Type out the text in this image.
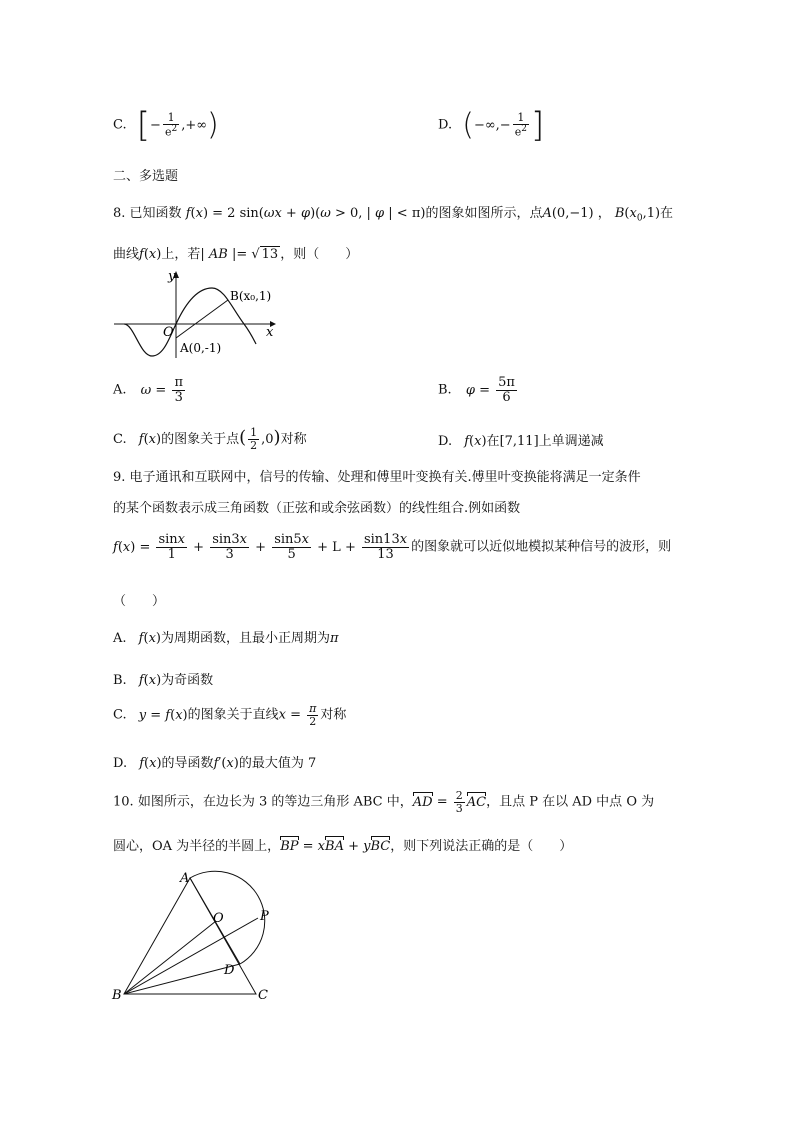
C. [− $\frac{1}{e^2}$ ,+∞)	D. (−∞,− $\frac{1}{e^2}$ ]
二、多选题
8. 已知函数 f(x) = 2 sin(ωx + φ)(ω > 0, | φ | < π)的图象如图所示，点A(0,−1) ， $B(x_0,1)$在
曲线f(x)上，若| AB |= √ 13 ，则（　　）
y
x
O
A(0,-1)
B(x₀,1)
A. $\omega = \frac{\pi}{3}$	B. $\varphi = \frac{5\pi}{6}$
C. f(x)的图象关于点( $\frac{1}{2} ,0$)对称	D. f(x)在[7,11]上单调递减
9. 电子通讯和互联网中，信号的传输、处理和傅里叶变换有关.傅里叶变换能将满足一定条件
的某个函数表示成三角函数（正弦和或余弦函数）的线性组合.例如函数
$f(x) = \frac{\sin x}{1} + \frac{\sin 3x}{3} + \frac{\sin 5x}{5} + L + \frac{\sin 13x}{13}$ 的图象就可以近似地模拟某种信号的波形，则
（　　）
A. f(x)为周期函数，且最小正周期为π
B. f(x)为奇函数
C. y = f(x)的图象关于直线$x = \frac{\pi}{2}$ 对称
D. f(x)的导函数f′(x)的最大值为 7
10. 如图所示，在边长为 3 的等边三角形 ABC 中，AD = $\frac{2}{3}$ AC，且点 P 在以 AD 中点 O 为
圆心，OA 为半径的半圆上，BP = xBA + yBC，则下列说法正确的是（　　）
A
B	C
D
O	P
